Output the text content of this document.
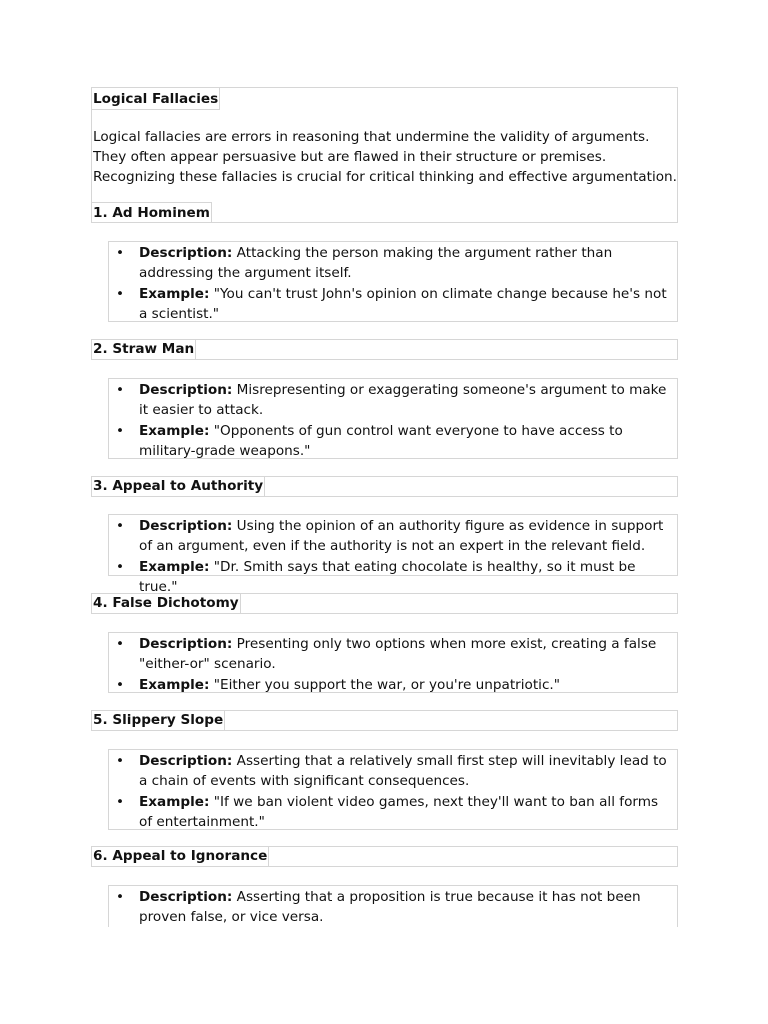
Logical Fallacies

Logical fallacies are errors in reasoning that undermine the validity of arguments.

They often appear persuasive but are flawed in their structure or premises.

Recognizing these fallacies is crucial for critical thinking and effective argumentation.

1. Ad Hominem
• Description: Attacking the person making the argument rather than addressing the argument itself.
• Example: "You can't trust John's opinion on climate change because he's not a scientist."
2. Straw Man
• Description: Misrepresenting or exaggerating someone's argument to make it easier to attack.
• Example: "Opponents of gun control want everyone to have access to military-grade weapons."
3. Appeal to Authority
• Description: Using the opinion of an authority figure as evidence in support of an argument, even if the authority is not an expert in the relevant field.
• Example: "Dr. Smith says that eating chocolate is healthy, so it must be true."
4. False Dichotomy
• Description: Presenting only two options when more exist, creating a false "either-or" scenario.
• Example: "Either you support the war, or you're unpatriotic."
5. Slippery Slope
• Description: Asserting that a relatively small first step will inevitably lead to a chain of events with significant consequences.
• Example: "If we ban violent video games, next they'll want to ban all forms of entertainment."
6. Appeal to Ignorance
• Description: Asserting that a proposition is true because it has not been proven false, or vice versa.
